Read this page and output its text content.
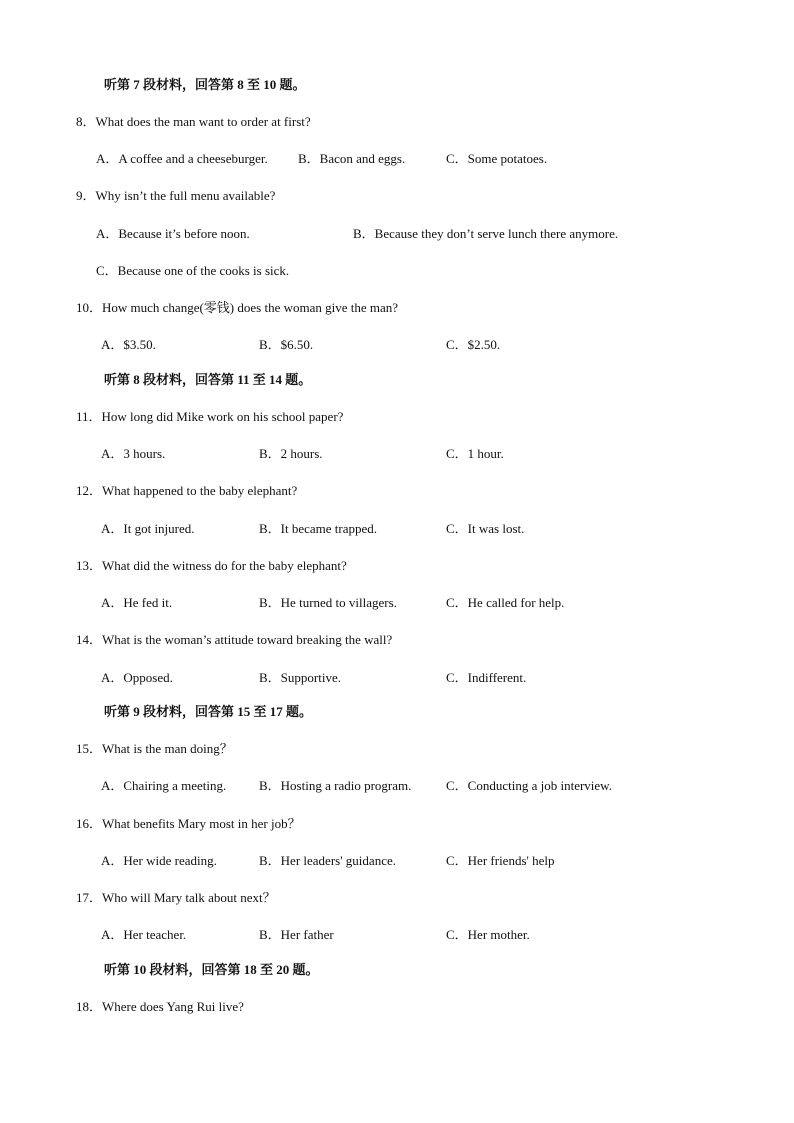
听第 7 段材料，回答第 8 至 10 题。
8．What does the man want to order at first?
A．A coffee and a cheeseburger. B．Bacon and eggs.	C．Some potatoes.
9．Why isn’t the full menu available?
A．Because it’s before noon.	B．Because they don’t serve lunch there anymore.
C．Because one of the cooks is sick.
10．How much change(零钱) does the woman give the man?
A．$3.50.	B．$6.50.	C．$2.50.
听第 8 段材料，回答第 11 至 14 题。
11．How long did Mike work on his school paper?
A．3 hours.	B．2 hours.	C．1 hour.
12．What happened to the baby elephant?
A．It got injured.	B．It became trapped.	C．It was lost.
13．What did the witness do for the baby elephant?
A．He fed it.	B．He turned to villagers.	C．He called for help.
14．What is the woman’s attitude toward breaking the wall?
A．Opposed.	B．Supportive.	C．Indifferent.
听第 9 段材料，回答第 15 至 17 题。
15．What is the man doing？
A．Chairing a meeting.	B．Hosting a radio program.	C．Conducting a job interview.
16．What benefits Mary most in her job？
A．Her wide reading.	B．Her leaders' guidance.	C．Her friends' help
17．Who will Mary talk about next？
A．Her teacher.	B．Her father	C．Her mother.
听第 10 段材料，回答第 18 至 20 题。
18．Where does Yang Rui live?
